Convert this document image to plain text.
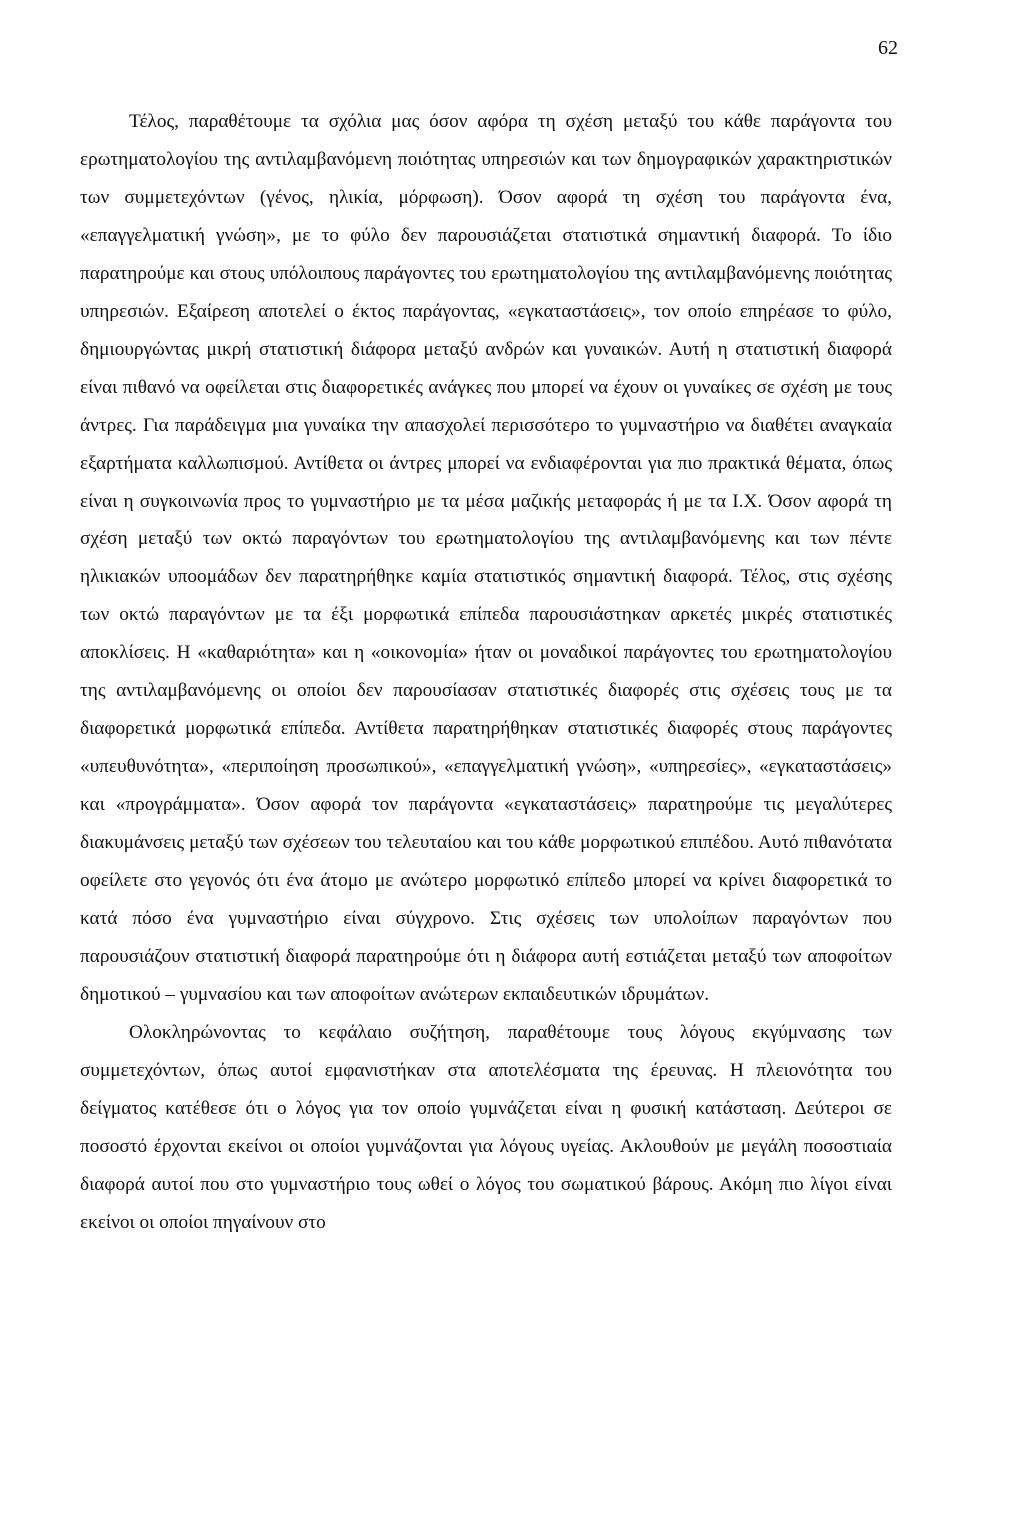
62

Τέλος, παραθέτουμε τα σχόλια μας όσον αφόρα τη σχέση μεταξύ του κάθε παράγοντα του ερωτηματολογίου της αντιλαμβανόμενη ποιότητας υπηρεσιών και των δημογραφικών χαρακτηριστικών των συμμετεχόντων (γένος, ηλικία, μόρφωση). Όσον αφορά τη σχέση του παράγοντα ένα, «επαγγελματική γνώση», με το φύλο δεν παρουσιάζεται στατιστικά σημαντική διαφορά. Το ίδιο παρατηρούμε και στους υπόλοιπους παράγοντες του ερωτηματολογίου της αντιλαμβανόμενης ποιότητας υπηρεσιών. Εξαίρεση αποτελεί ο έκτος παράγοντας, «εγκαταστάσεις», τον οποίο επηρέασε το φύλο, δημιουργώντας μικρή στατιστική διάφορα μεταξύ ανδρών και γυναικών. Αυτή η στατιστική διαφορά είναι πιθανό να οφείλεται στις διαφορετικές ανάγκες που μπορεί να έχουν οι γυναίκες σε σχέση με τους άντρες. Για παράδειγμα μια γυναίκα την απασχολεί περισσότερο το γυμναστήριο να διαθέτει αναγκαία εξαρτήματα καλλωπισμού. Αντίθετα οι άντρες μπορεί να ενδιαφέρονται για πιο πρακτικά θέματα, όπως είναι η συγκοινωνία προς το γυμναστήριο με τα μέσα μαζικής μεταφοράς ή με τα Ι.Χ. Όσον αφορά τη σχέση μεταξύ των οκτώ παραγόντων του ερωτηματολογίου της αντιλαμβανόμενης και των πέντε ηλικιακών υποομάδων δεν παρατηρήθηκε καμία στατιστικός σημαντική διαφορά. Τέλος, στις σχέσης των οκτώ παραγόντων με τα έξι μορφωτικά επίπεδα παρουσιάστηκαν αρκετές μικρές στατιστικές αποκλίσεις. Η «καθαριότητα» και η «οικονομία» ήταν οι μοναδικοί παράγοντες του ερωτηματολογίου της αντιλαμβανόμενης οι οποίοι δεν παρουσίασαν στατιστικές διαφορές στις σχέσεις τους με τα διαφορετικά μορφωτικά επίπεδα. Αντίθετα παρατηρήθηκαν στατιστικές διαφορές στους παράγοντες «υπευθυνότητα», «περιποίηση προσωπικού», «επαγγελματική γνώση», «υπηρεσίες», «εγκαταστάσεις» και «προγράμματα». Όσον αφορά τον παράγοντα «εγκαταστάσεις» παρατηρούμε τις μεγαλύτερες διακυμάνσεις μεταξύ των σχέσεων του τελευταίου και του κάθε μορφωτικού επιπέδου. Αυτό πιθανότατα οφείλετε στο γεγονός ότι ένα άτομο με ανώτερο μορφωτικό επίπεδο μπορεί να κρίνει διαφορετικά το κατά πόσο ένα γυμναστήριο είναι σύγχρονο. Στις σχέσεις των υπολοίπων παραγόντων που παρουσιάζουν στατιστική διαφορά παρατηρούμε ότι η διάφορα αυτή εστιάζεται μεταξύ των αποφοίτων δημοτικού – γυμνασίου και των αποφοίτων ανώτερων εκπαιδευτικών ιδρυμάτων.

Ολοκληρώνοντας το κεφάλαιο συζήτηση, παραθέτουμε τους λόγους εκγύμνασης των συμμετεχόντων, όπως αυτοί εμφανιστήκαν στα αποτελέσματα της έρευνας. Η πλειονότητα του δείγματος κατέθεσε ότι ο λόγος για τον οποίο γυμνάζεται είναι η φυσική κατάσταση. Δεύτεροι σε ποσοστό έρχονται εκείνοι οι οποίοι γυμνάζονται για λόγους υγείας. Ακλουθούν με μεγάλη ποσοστιαία διαφορά αυτοί που στο γυμναστήριο τους ωθεί ο λόγος του σωματικού βάρους. Ακόμη πιο λίγοι είναι εκείνοι οι οποίοι πηγαίνουν στο
